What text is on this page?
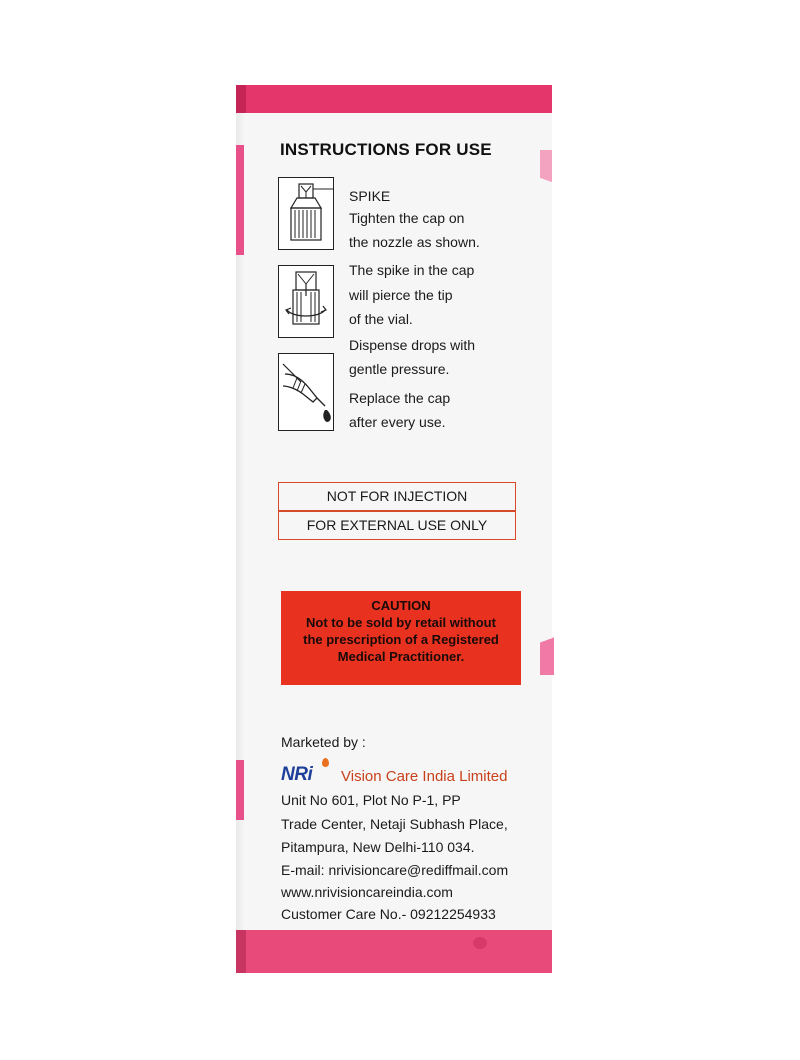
INSTRUCTIONS FOR USE
SPIKE
Tighten the cap on
the nozzle as shown.
The spike in the cap
will pierce the tip
of the vial.
Dispense drops with
gentle pressure.
Replace the cap
after every use.
NOT FOR INJECTION
FOR EXTERNAL USE ONLY
CAUTION
Not to be sold by retail without
the prescription of a Registered
Medical Practitioner.
Marketed by :
NRi Vision Care India Limited
Unit No 601, Plot No P-1, PP
Trade Center, Netaji Subhash Place,
Pitampura, New Delhi-110 034.
E-mail: nrivisioncare@rediffmail.com
www.nrivisioncareindia.com
Customer Care No.- 09212254933
